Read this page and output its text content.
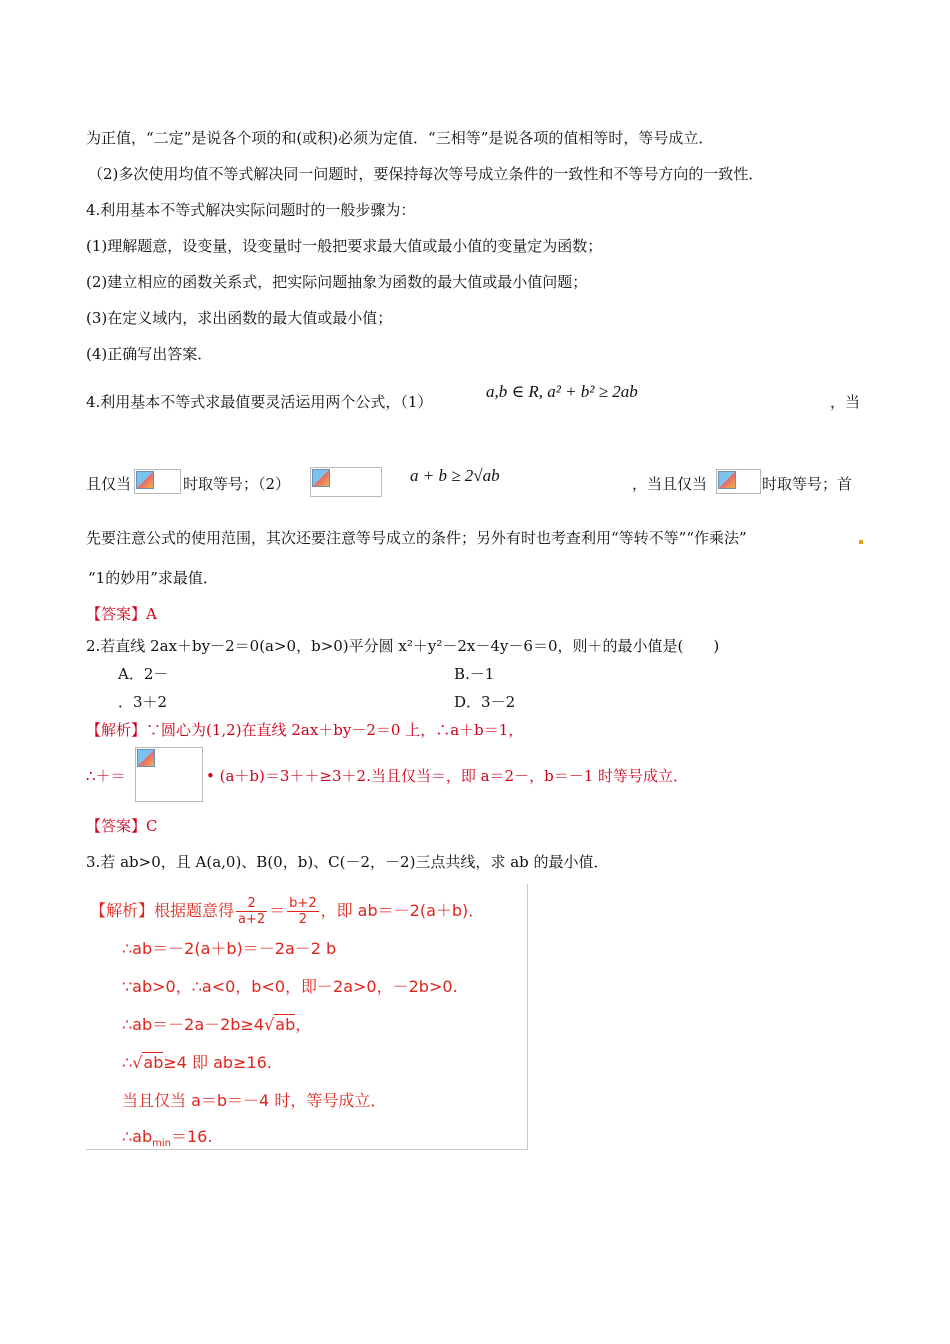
为正值，“二定”是说各个项的和(或积)必须为定值．“三相等”是说各项的值相等时，等号成立．
（2)多次使用均值不等式解决同一问题时，要保持每次等号成立条件的一致性和不等号方向的一致性．
4.利用基本不等式解决实际问题时的一般步骤为：
(1)理解题意，设变量，设变量时一般把要求最大值或最小值的变量定为函数；
(2)建立相应的函数关系式，把实际问题抽象为函数的最大值或最小值问题；
(3)在定义域内，求出函数的最大值或最小值；
(4)正确写出答案．
4.利用基本不等式求最值要灵活运用两个公式，（1）
a,b ∈ R, a² + b² ≥ 2ab
，当
且仅当	时取等号；（2）	a + b ≥ 2√ab	，当且仅当	时取等号；首
先要注意公式的使用范围，其次还要注意等号成立的条件；另外有时也考查利用“等转不等”“作乘法”
“1的妙用”求最值．
【答案】A
2.若直线 2ax＋by－2＝0(a>0，b>0)平分圆 x²＋y²－2x－4y－6＝0，则＋的最小值是(　　)
A．2－	B.－1
．3＋2	D．3－2
【解析】∵圆心为(1,2)在直线 2ax＋by－2＝0 上，∴a＋b＝1，
∴＋＝	• (a＋b)＝3＋＋≥3＋2.当且仅当＝，即 a＝2－，b＝－1 时等号成立．
【答案】C
3.若 ab>0，且 A(a,0)、B(0，b)、C(－2，－2)三点共线，求 ab 的最小值．
【解析】根据题意得 $\frac{2}{a+2} = \frac{b+2}{2}$ ，即 ab＝－2(a＋b)．
∴ab＝－2(a＋b)＝－2a－2 b
∵ab>0，∴a<0，b<0，即－2a>0，－2b>0.
∴ab＝－2a－2b≥4√ab，
∴√ab≥4 即 ab≥16.
当且仅当 a＝b＝－4 时，等号成立．
$\therefore ab_{min}=16$.
